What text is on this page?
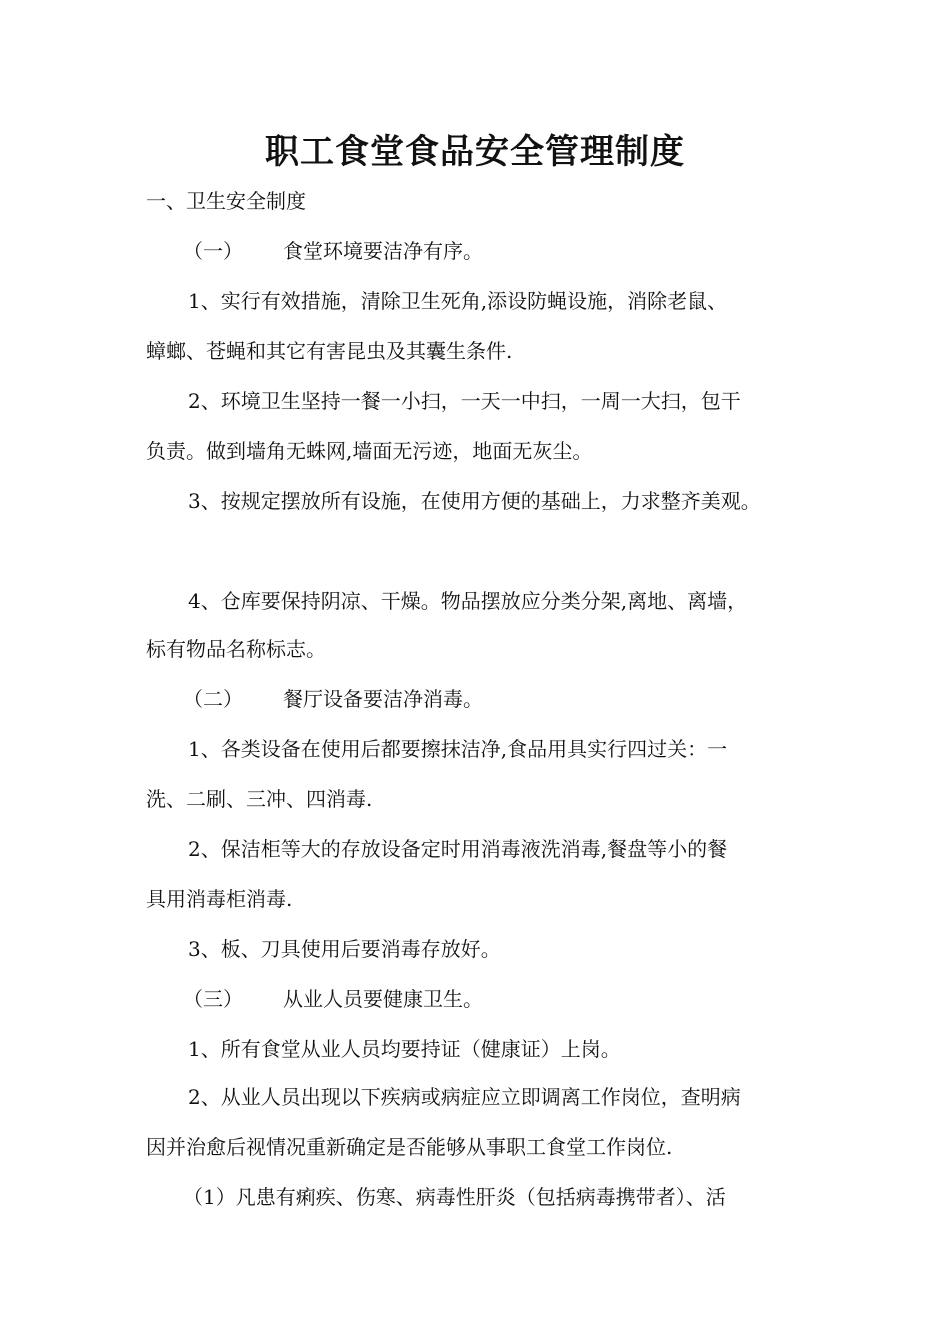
职工食堂食品安全管理制度

一、卫生安全制度

（一） 食堂环境要洁净有序。

1、实行有效措施，清除卫生死角,添设防蝇设施，消除老鼠、

蟑螂、苍蝇和其它有害昆虫及其囊生条件.

2、环境卫生坚持一餐一小扫，一天一中扫，一周一大扫，包干

负责。做到墙角无蛛网,墙面无污迹，地面无灰尘。

3、按规定摆放所有设施，在使用方便的基础上，力求整齐美观。

4、仓库要保持阴凉、干燥。物品摆放应分类分架,离地、离墙，

标有物品名称标志。

（二） 餐厅设备要洁净消毒。

1、各类设备在使用后都要擦抹洁净,食品用具实行四过关：一

洗、二刷、三冲、四消毒.

2、保洁柜等大的存放设备定时用消毒液洗消毒,餐盘等小的餐

具用消毒柜消毒.

3、板、刀具使用后要消毒存放好。

（三） 从业人员要健康卫生。

1、所有食堂从业人员均要持证（健康证）上岗。

2、从业人员出现以下疾病或病症应立即调离工作岗位，查明病

因并治愈后视情况重新确定是否能够从事职工食堂工作岗位.

（1）凡患有痢疾、伤寒、病毒性肝炎（包括病毒携带者）、活
